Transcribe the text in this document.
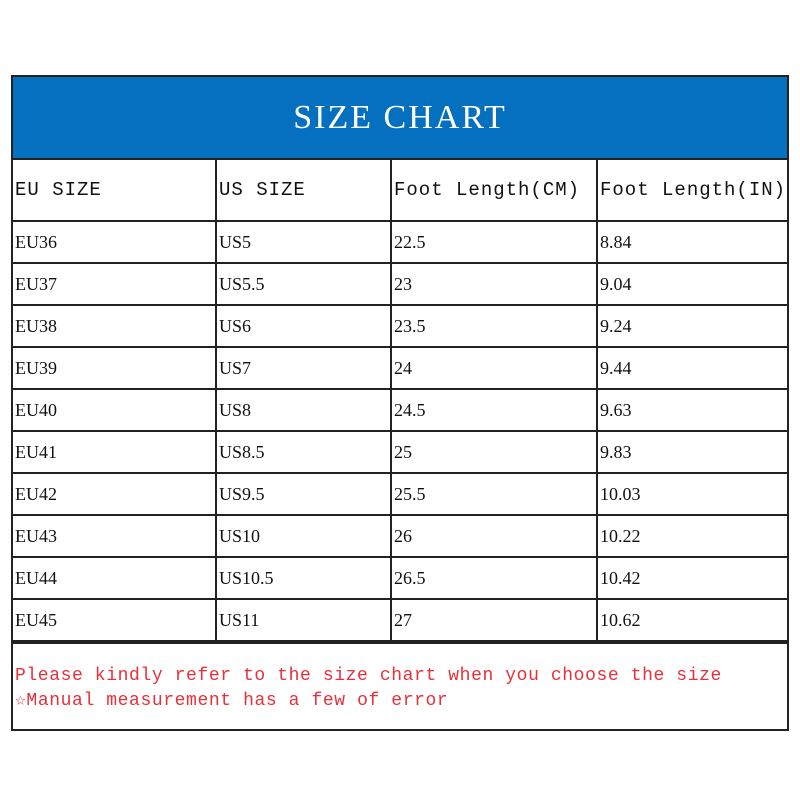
SIZE CHART
EU SIZE	US SIZE	Foot Length(CM)	Foot Length(IN)
EU36	US5	22.5	8.84
EU37	US5.5	23	9.04
EU38	US6	23.5	9.24
EU39	US7	24	9.44
EU40	US8	24.5	9.63
EU41	US8.5	25	9.83
EU42	US9.5	25.5	10.03
EU43	US10	26	10.22
EU44	US10.5	26.5	10.42
EU45	US11	27	10.62
Please kindly refer to the size chart when you choose the size
☆Manual measurement has a few of error
